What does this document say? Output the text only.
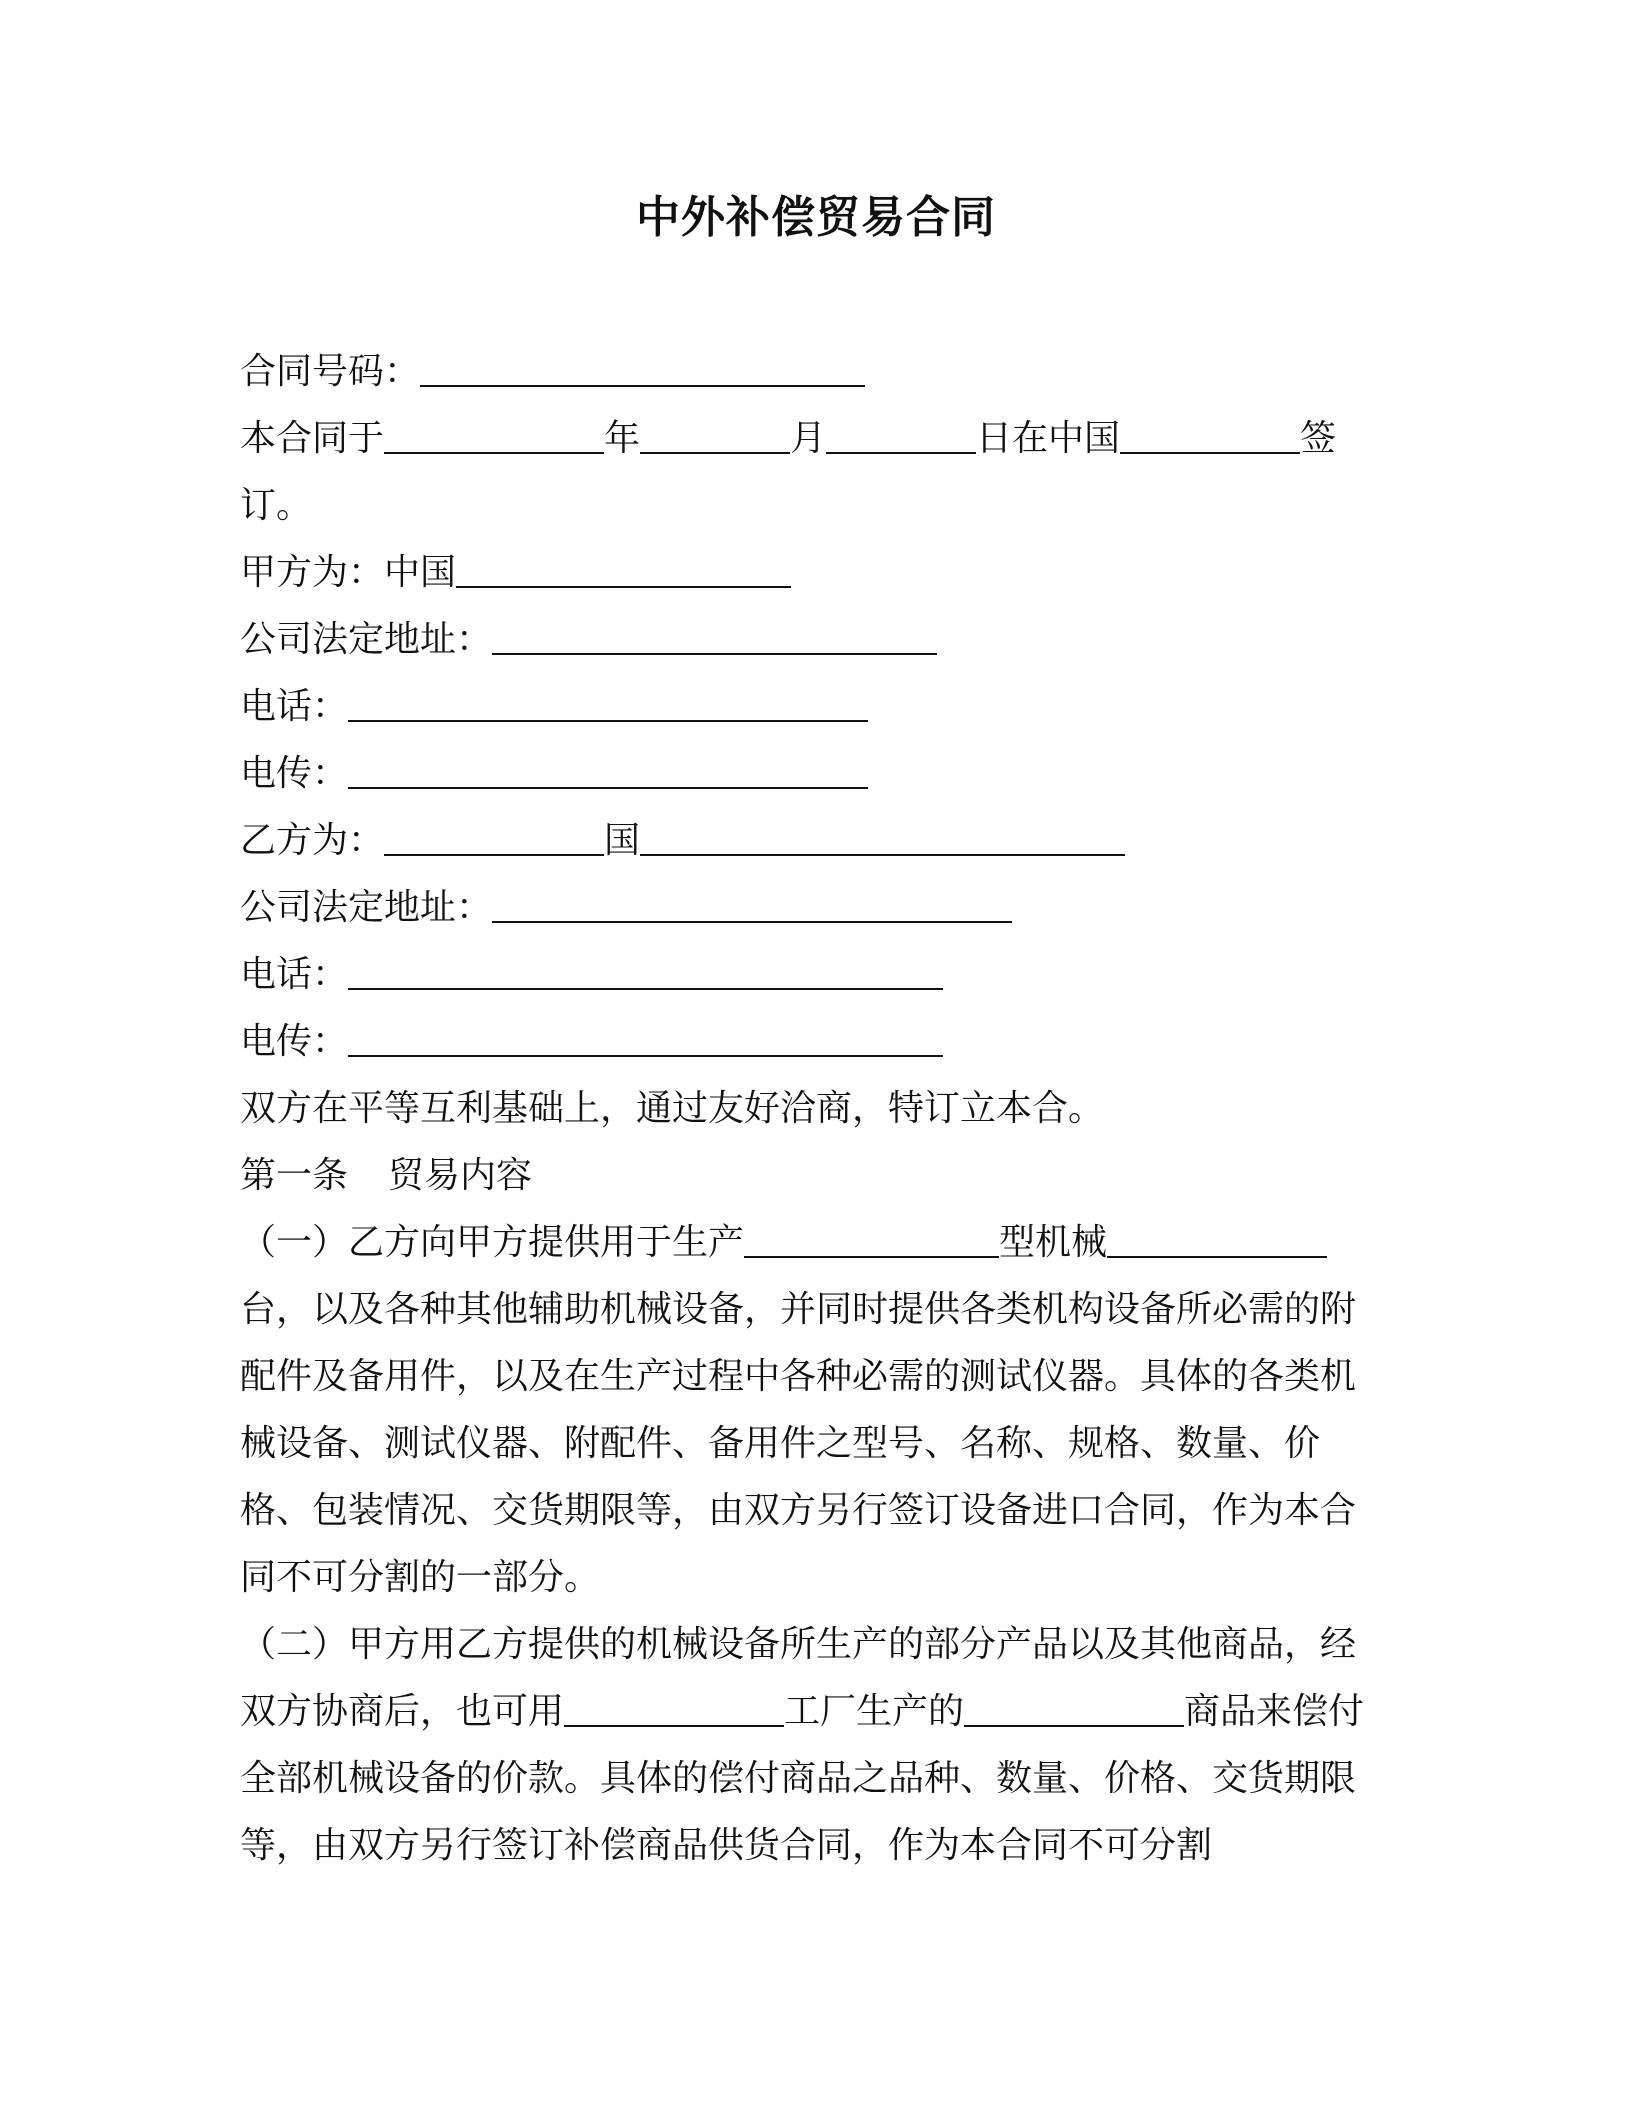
中外补偿贸易合同
合同号码：
本合同于	年	月	日在中国	签
订。
甲方为：中国
公司法定地址：
电话：
电传：
乙方为：	国
公司法定地址：
电话：
电传：
双方在平等互利基础上，通过友好洽商，特订立本合。
第一条 贸易内容
（一）乙方向甲方提供用于生产	型机械台，以及各种其他辅助机械设备，并同时提供各类机构设备所必需的附配件及备用件，以及在生产过程中各种必需的测试仪器。具体的各类机械设备、测试仪器、附配件、备用件之型号、名称、规格、数量、价格、包装情况、交货期限等，由双方另行签订设备进口合同，作为本合同不可分割的一部分。
（二）甲方用乙方提供的机械设备所生产的部分产品以及其他商品，经双方协商后，也可用	工厂生产的	商品来偿付全部机械设备的价款。具体的偿付商品之品种、数量、价格、交货期限等，由双方另行签订补偿商品供货合同，作为本合同不可分割
